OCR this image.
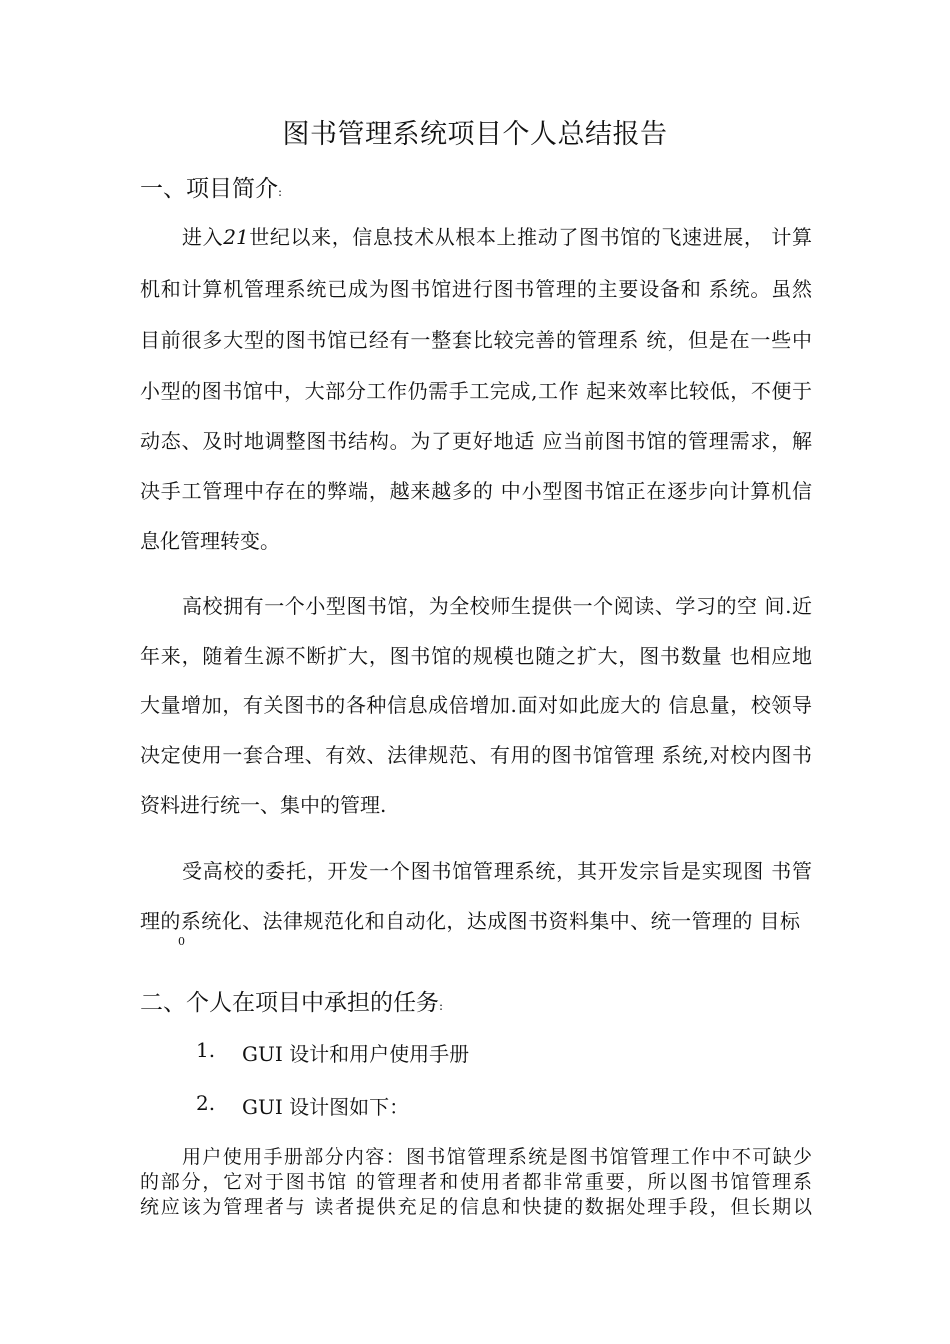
图书管理系统项目个人总结报告
一、项目简介:
进入21世纪以来，信息技术从根本上推动了图书馆的飞速进展， 计算
机和计算机管理系统已成为图书馆进行图书管理的主要设备和 系统。虽然
目前很多大型的图书馆已经有一整套比较完善的管理系 统，但是在一些中
小型的图书馆中，大部分工作仍需手工完成,工作 起来效率比较低，不便于
动态、及时地调整图书结构。为了更好地适 应当前图书馆的管理需求，解
决手工管理中存在的弊端，越来越多的 中小型图书馆正在逐步向计算机信
息化管理转变。
高校拥有一个小型图书馆，为全校师生提供一个阅读、学习的空 间.近
年来，随着生源不断扩大，图书馆的规模也随之扩大，图书数量 也相应地
大量增加，有关图书的各种信息成倍增加.面对如此庞大的 信息量，校领导
决定使用一套合理、有效、法律规范、有用的图书馆管理 系统,对校内图书
资料进行统一、集中的管理.
受高校的委托，开发一个图书馆管理系统，其开发宗旨是实现图 书管
理的系统化、法律规范化和自动化，达成图书资料集中、统一管理的 目标
0
二、个人在项目中承担的任务:
1. GUI 设计和用户使用手册
2. GUI 设计图如下：
用户使用手册部分内容：图书馆管理系统是图书馆管理工作中不可缺少
的部分，它对于图书馆 的管理者和使用者都非常重要，所以图书馆管理系
统应该为管理者与 读者提供充足的信息和快捷的数据处理手段，但长期以
